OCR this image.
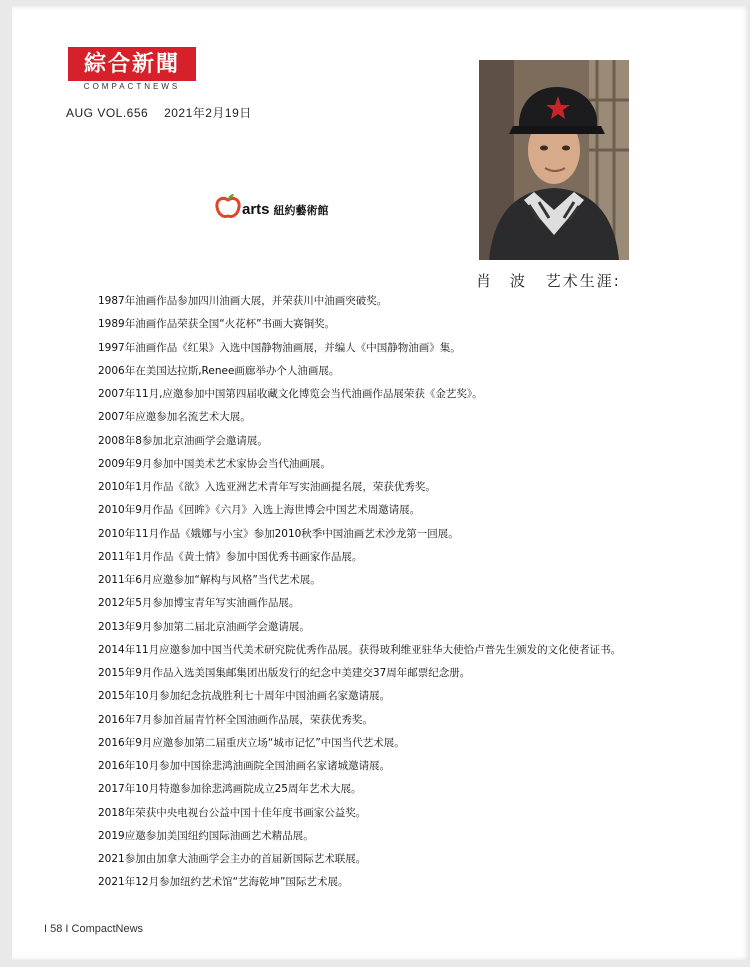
綜合新聞
COMPACTNEWS
AUG VOL.656 2021年2月19日
arts 紐約藝術館
肖　波 艺术生涯:
1987年油画作品参加四川油画大展，并荣获川中油画突破奖。
1989年油画作品荣获全国“火花杯”书画大赛铜奖。
1997年油画作品《红果》入选中国静物油画展，并编人《中国静物油画》集。
2006年在美国达拉斯,Renee画廊举办个人油画展。
2007年11月,应邀参加中国第四届收藏文化博览会当代油画作品展荣获《金艺奖》。
2007年应邀参加名流艺术大展。
2008年8参加北京油画学会邀请展。
2009年9月参加中国美术艺术家协会当代油画展。
2010年1月作品《欲》入选亚洲艺术青年写实油画提名展，荣获优秀奖。
2010年9月作品《回眸》《六月》入选上海世博会中国艺术周邀请展。
2010年11月作品《娥娜与小宝》参加2010秋季中国油画艺术沙龙第一回展。
2011年1月作品《黄土情》参加中国优秀书画家作品展。
2011年6月应邀参加“解构与风格”当代艺术展。
2012年5月参加博宝青年写实油画作品展。
2013年9月参加第二届北京油画学会邀请展。
2014年11月应邀参加中国当代美术研究院优秀作品展。获得玻利维亚驻华大使恰卢普先生颁发的文化使者证书。
2015年9月作品入选美国集邮集团出版发行的纪念中美建交37周年邮票纪念册。
2015年10月参加纪念抗战胜利七十周年中国油画名家邀请展。
2016年7月参加首届青竹杯全国油画作品展，荣获优秀奖。
2016年9月应邀参加第二届重庆立场“城市记忆”中国当代艺术展。
2016年10月参加中国徐悲鸿油画院全国油画名家诸城邀请展。
2017年10月特邀参加徐悲鸿画院成立25周年艺术大展。
2018年荣获中央电视台公益中国十佳年度书画家公益奖。
2019应邀参加美国纽约国际油画艺术精品展。
2021参加由加拿大油画学会主办的首届新国际艺术联展。
2021年12月参加纽约艺术馆“艺海乾坤”国际艺术展。
I 58 I CompactNews
